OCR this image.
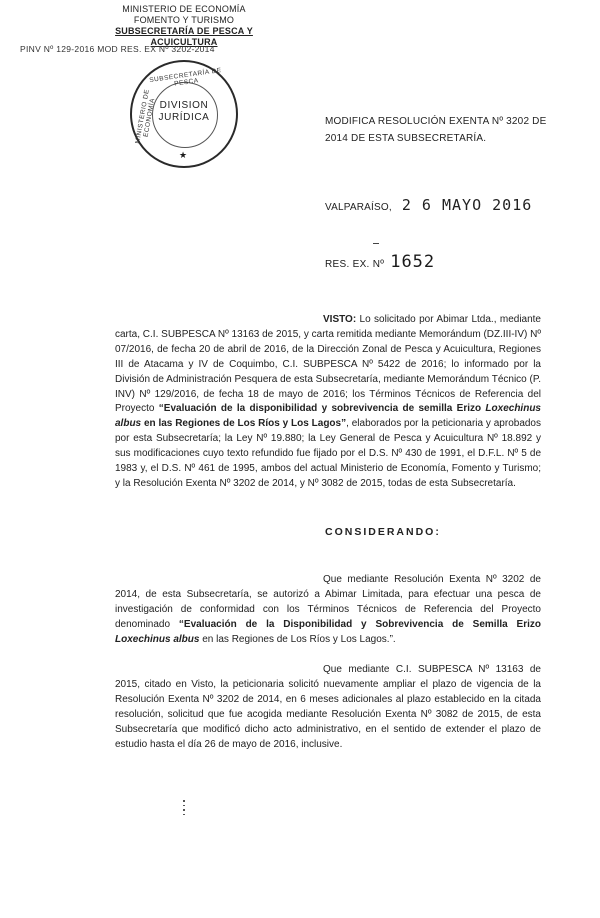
MINISTERIO DE ECONOMÍA
FOMENTO Y TURISMO
SUBSECRETARÍA DE PESCA Y ACUICULTURA
PINV Nº 129-2016 MOD RES. EX Nº 3202-2014
SUBSECRETARÍA DE PESCA
MINISTERIO DE ECONOMÍA DIVISION
JURÍDICA
★
MODIFICA RESOLUCIÓN EXENTA Nº 3202 DE 2014 DE ESTA SUBSECRETARÍA.
VALPARAÍSO, 2 6 MAYO 2016
RES. EX. Nº 1652
VISTO: Lo solicitado por Abimar Ltda., mediante carta, C.I. SUBPESCA Nº 13163 de 2015, y carta remitida mediante Memorándum (DZ.III-IV) Nº 07/2016, de fecha 20 de abril de 2016, de la Dirección Zonal de Pesca y Acuicultura, Regiones III de Atacama y IV de Coquimbo, C.I. SUBPESCA Nº 5422 de 2016; lo informado por la División de Administración Pesquera de esta Subsecretaría, mediante Memorándum Técnico (P. INV) Nº 129/2016, de fecha 18 de mayo de 2016; los Términos Técnicos de Referencia del Proyecto “Evaluación de la disponibilidad y sobrevivencia de semilla Erizo Loxechinus albus en las Regiones de Los Ríos y Los Lagos”, elaborados por la peticionaria y aprobados por esta Subsecretaría; la Ley Nº 19.880; la Ley General de Pesca y Acuicultura Nº 18.892 y sus modificaciones cuyo texto refundido fue fijado por el D.S. Nº 430 de 1991, el D.F.L. Nº 5 de 1983 y, el D.S. Nº 461 de 1995, ambos del actual Ministerio de Economía, Fomento y Turismo; y la Resolución Exenta Nº 3202 de 2014, y Nº 3082 de 2015, todas de esta Subsecretaría.
CONSIDERANDO:
Que mediante Resolución Exenta Nº 3202 de 2014, de esta Subsecretaría, se autorizó a Abimar Limitada, para efectuar una pesca de investigación de conformidad con los Términos Técnicos de Referencia del Proyecto denominado “Evaluación de la Disponibilidad y Sobrevivencia de Semilla Erizo Loxechinus albus en las Regiones de Los Ríos y Los Lagos.”.
Que mediante C.I. SUBPESCA Nº 13163 de 2015, citado en Visto, la peticionaria solicitó nuevamente ampliar el plazo de vigencia de la Resolución Exenta Nº 3202 de 2014, en 6 meses adicionales al plazo establecido en la citada resolución, solicitud que fue acogida mediante Resolución Exenta Nº 3082 de 2015, de esta Subsecretaría que modificó dicho acto administrativo, en el sentido de extender el plazo de estudio hasta el día 26 de mayo de 2016, inclusive.
